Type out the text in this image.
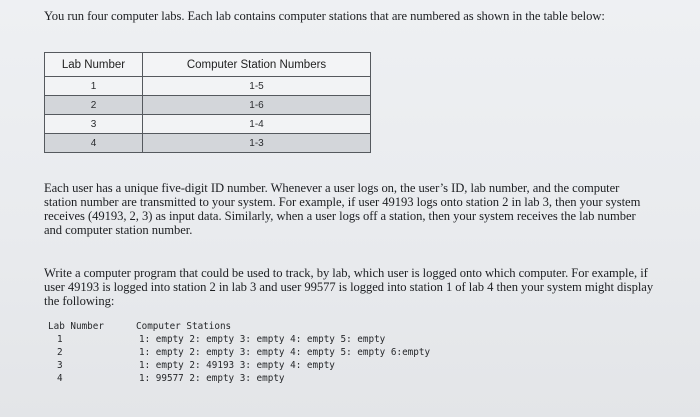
You run four computer labs. Each lab contains computer stations that are numbered as shown in the table below:

Lab Number	Computer Station Numbers
1	1-5
2	1-6
3	1-4
4	1-3

Each user has a unique five-digit ID number. Whenever a user logs on, the user’s ID, lab number, and the computer station number are transmitted to your system. For example, if user 49193 logs onto station 2 in lab 3, then your system receives (49193, 2, 3) as input data. Similarly, when a user logs off a station, then your system receives the lab number and computer station number.

Write a computer program that could be used to track, by lab, which user is logged onto which computer. For example, if user 49193 is logged into station 2 in lab 3 and user 99577 is logged into station 1 of lab 4 then your system might display the following:

Lab Number	Computer Stations
1	1: empty 2: empty 3: empty 4: empty 5: empty
2	1: empty 2: empty 3: empty 4: empty 5: empty 6:empty
3	1: empty 2: 49193 3: empty 4: empty
4	1: 99577 2: empty 3: empty
